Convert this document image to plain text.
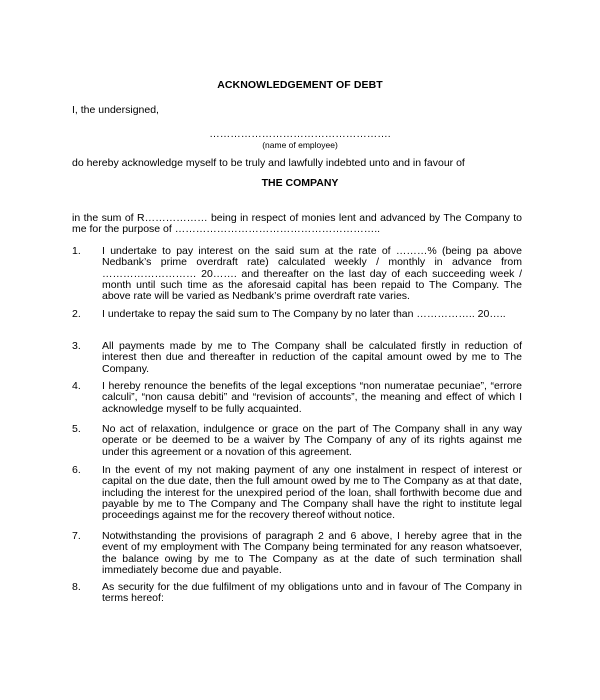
ACKNOWLEDGEMENT OF DEBT
I, the undersigned,
…………………………………………….
(name of employee)
do hereby acknowledge myself to be truly and lawfully indebted unto and in favour of
THE COMPANY
in the sum of R……………… being in respect of monies lent and advanced by The Company to me for the purpose of …………………………………………………..
1. I undertake to pay interest on the said sum at the rate of ………% (being pa above Nedbank’s prime overdraft rate) calculated weekly / monthly in advance from ……………………… 20……. and thereafter on the last day of each succeeding week / month until such time as the aforesaid capital has been repaid to The Company. The above rate will be varied as Nedbank’s prime overdraft rate varies.
2. I undertake to repay the said sum to The Company by no later than …………….. 20…..
3. All payments made by me to The Company shall be calculated firstly in reduction of interest then due and thereafter in reduction of the capital amount owed by me to The Company.
4. I hereby renounce the benefits of the legal exceptions “non numeratae pecuniae”, “errore calculi”, “non causa debiti” and “revision of accounts”, the meaning and effect of which I acknowledge myself to be fully acquainted.
5. No act of relaxation, indulgence or grace on the part of The Company shall in any way operate or be deemed to be a waiver by The Company of any of its rights against me under this agreement or a novation of this agreement.
6. In the event of my not making payment of any one instalment in respect of interest or capital on the due date, then the full amount owed by me to The Company as at that date, including the interest for the unexpired period of the loan, shall forthwith become due and payable by me to The Company and The Company shall have the right to institute legal proceedings against me for the recovery thereof without notice.
7. Notwithstanding the provisions of paragraph 2 and 6 above, I hereby agree that in the event of my employment with The Company being terminated for any reason whatsoever, the balance owing by me to The Company as at the date of such termination shall immediately become due and payable.
8. As security for the due fulfilment of my obligations unto and in favour of The Company in terms hereof:
